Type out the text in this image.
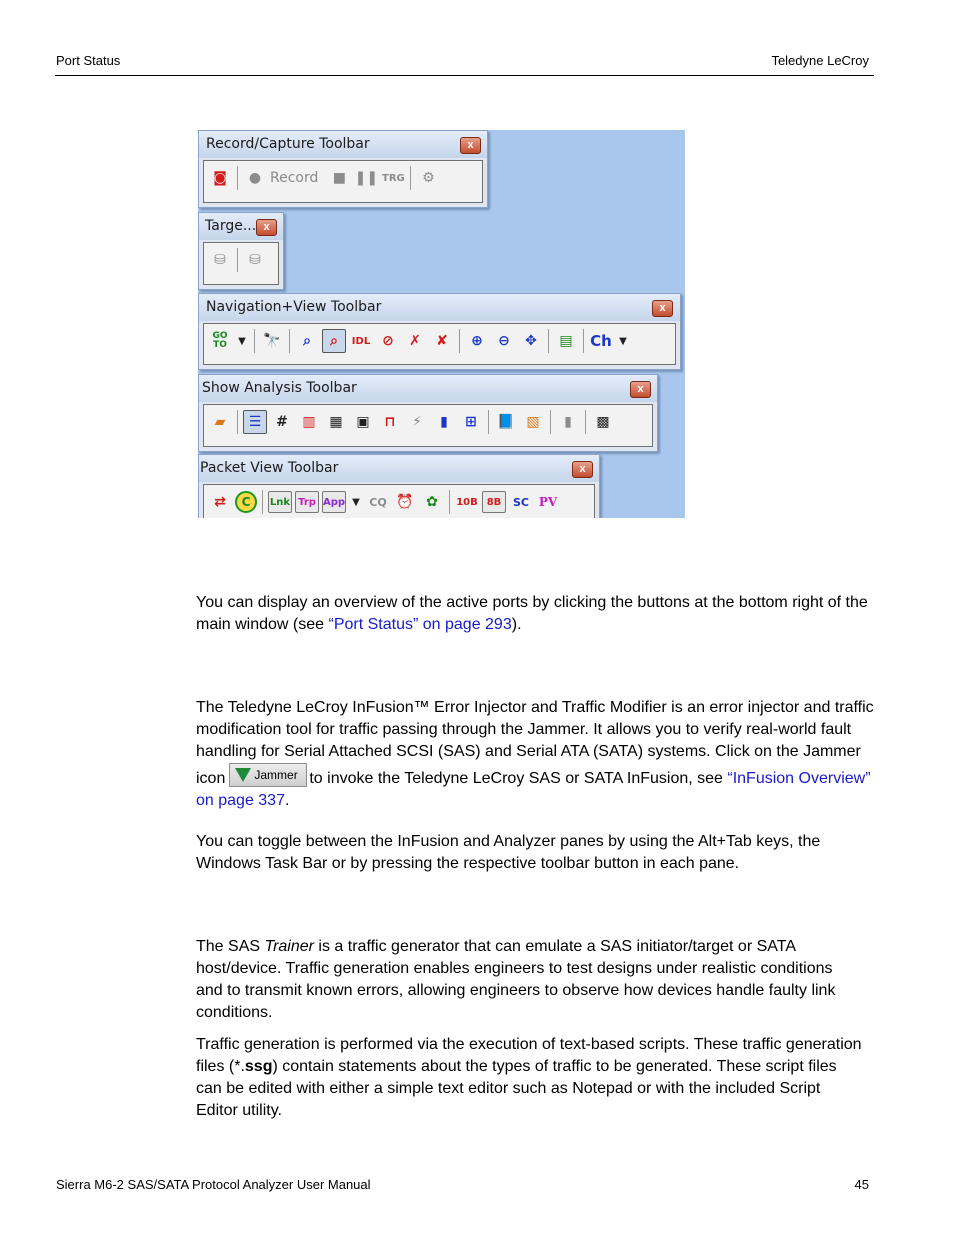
Port Status	Teledyne LeCroy
Record/Capture Toolbar	x
◙	● Record	■ ❚❚ TRG	⚙
Targe... x
⛁	⛁
Navigation+View Toolbar	x
GO
TO	▼ 🔭	⌕	⌕	IDL ⊘	✗	✘	⊕	⊖	✥	▤	Ch ▼
Show Analysis Toolbar	x
▰	☰	#	▥ ▦ ▣	⊓	⚡	▮	⊞	📘 ▧	▮	▩
Packet View Toolbar	x
⇄	C	Lnk Trp App ▼ CQ ⏰ ✿	10B 8B	SC PV

You can display an overview of the active ports by clicking the buttons at the bottom right of the main window (see “Port Status” on page 293).

The Teledyne LeCroy InFusion™ Error Injector and Traffic Modifier is an error injector and traffic modification tool for traffic passing through the Jammer. It allows you to verify real-world fault handling for Serial Attached SCSI (SAS) and Serial ATA (SATA) systems. Click on the Jammer icon Jammer to invoke the Teledyne LeCroy SAS or SATA InFusion, see “InFusion Overview” on page 337.

You can toggle between the InFusion and Analyzer panes by using the Alt+Tab keys, the Windows Task Bar or by pressing the respective toolbar button in each pane.

The SAS Trainer is a traffic generator that can emulate a SAS initiator/target or SATA host/device. Traffic generation enables engineers to test designs under realistic conditions and to transmit known errors, allowing engineers to observe how devices handle faulty link conditions.

Traffic generation is performed via the execution of text-based scripts. These traffic generation files (*.ssg) contain statements about the types of traffic to be generated. These script files can be edited with either a simple text editor such as Notepad or with the included Script Editor utility.

Sierra M6-2 SAS/SATA Protocol Analyzer User Manual	45
